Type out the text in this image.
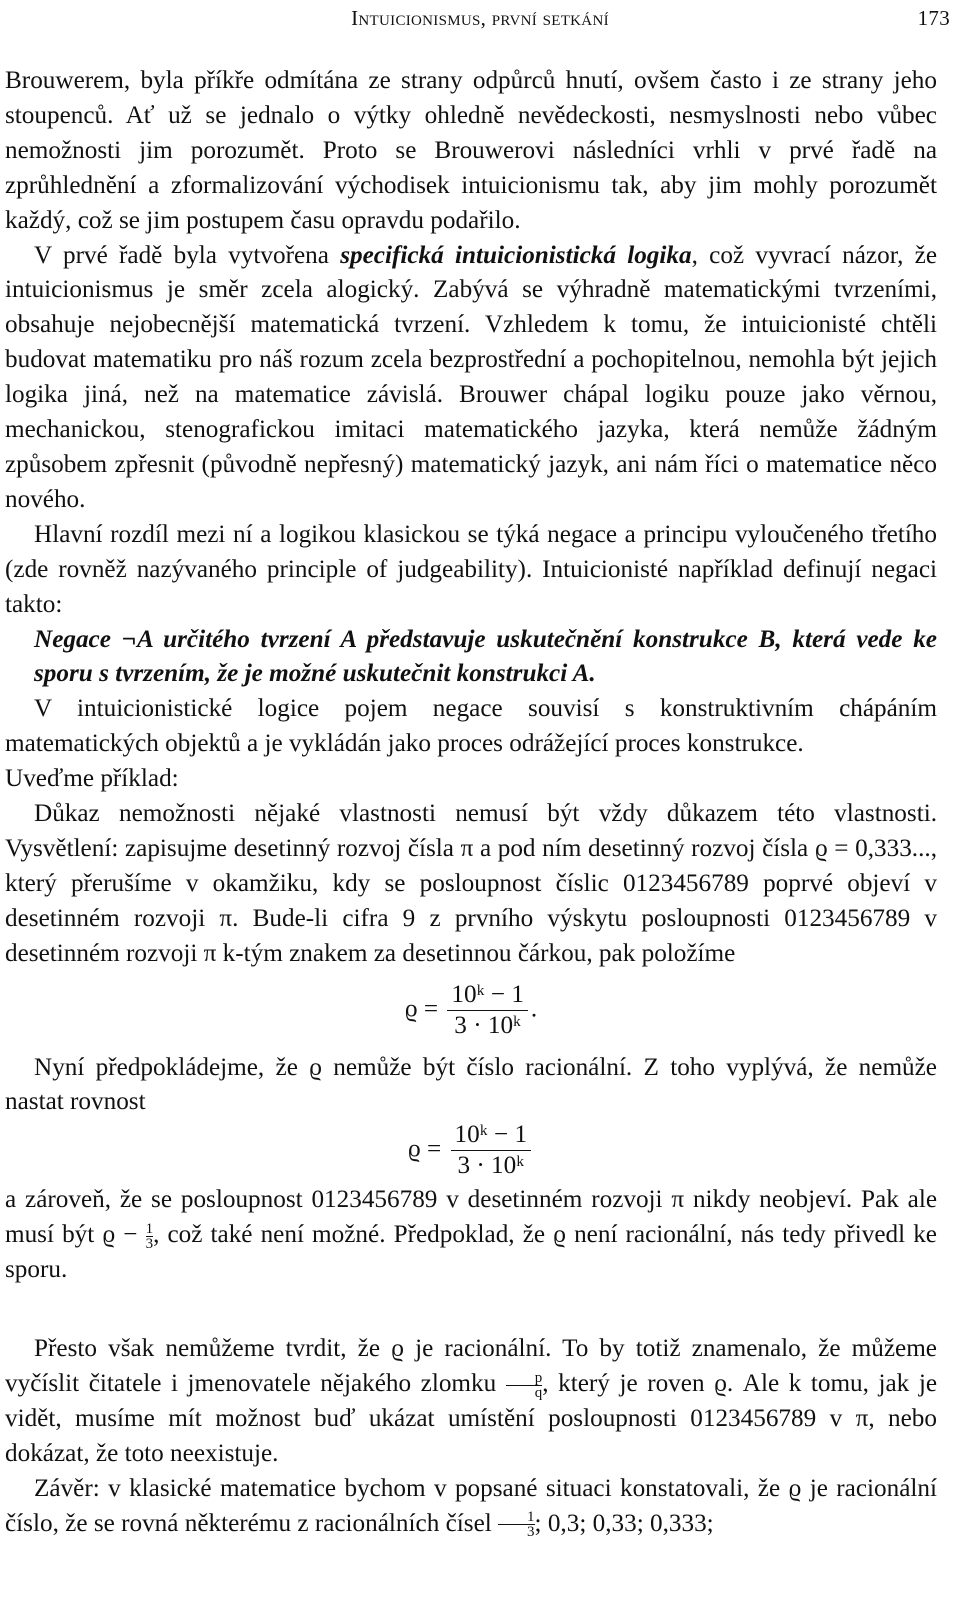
Intuicionismus, první setkání	173

Brouwerem, byla příkře odmítána ze strany odpůrců hnutí, ovšem často i ze strany jeho stoupenců. Ať už se jednalo o výtky ohledně nevědeckosti, nesmyslnosti nebo vůbec nemožnosti jim porozumět. Proto se Brouwerovi následníci vrhli v prvé řadě na zprůhlednění a zformalizování východisek intuicionismu tak, aby jim mohly porozumět každý, což se jim postupem času opravdu podařilo.

V prvé řadě byla vytvořena specifická intuicionistická logika, což vyvrací názor, že intuicionismus je směr zcela alogický. Zabývá se výhradně matematickými tvrzeními, obsahuje nejobecnější matematická tvrzení. Vzhledem k tomu, že intuicionisté chtěli budovat matematiku pro náš rozum zcela bezprostřední a pochopitelnou, nemohla být jejich logika jiná, než na matematice závislá. Brouwer chápal logiku pouze jako věrnou, mechanickou, stenografickou imitaci matematického jazyka, která nemůže žádným způsobem zpřesnit (původně nepřesný) matematický jazyk, ani nám říci o matematice něco nového.

Hlavní rozdíl mezi ní a logikou klasickou se týká negace a principu vyloučeného třetího (zde rovněž nazývaného principle of judgeability). Intuicionisté například definují negaci takto:

Negace ¬A určitého tvrzení A představuje uskutečnění konstrukce B, která vede ke sporu s tvrzením, že je možné uskutečnit konstrukci A.

V intuicionistické logice pojem negace souvisí s konstruktivním chápáním matematických objektů a je vykládán jako proces odrážející proces konstrukce.

Uveďme příklad:

Důkaz nemožnosti nějaké vlastnosti nemusí být vždy důkazem této vlastnosti. Vysvětlení: zapisujme desetinný rozvoj čísla π a pod ním desetinný rozvoj čísla ϱ = 0,333..., který přerušíme v okamžiku, kdy se posloupnost číslic 0123456789 poprvé objeví v desetinném rozvoji π. Bude-li cifra 9 z prvního výskytu posloupnosti 0123456789 v desetinném rozvoji π k-tým znakem za desetinnou čárkou, pak položíme

$ϱ = \frac{\text{10ᵏ − 1}}{\text{3 · 10ᵏ}}$ .

Nyní předpokládejme, že ϱ nemůže být číslo racionální. Z toho vyplývá, že nemůže nastat rovnost

$ϱ = \frac{\text{10ᵏ − 1}}{\text{3 · 10ᵏ}}$

a zároveň, že se posloupnost 0123456789 v desetinném rozvoji π nikdy neobjeví. Pak ale musí být $ϱ - \frac{1}{3}$ , což také není možné. Předpoklad, že ϱ není racionální, nás tedy přivedl ke sporu.

Přesto však nemůžeme tvrdit, že ϱ je racionální. To by totiž znamenalo, že můžeme vyčíslit čitatele i jmenovatele nějakého zlomku $\frac{p}{q}$ , který je roven ϱ. Ale k tomu, jak je vidět, musíme mít možnost buď ukázat umístění posloupnosti 0123456789 v π, nebo dokázat, že toto neexistuje.

Závěr: v klasické matematice bychom v popsané situaci konstatovali, že ϱ je racionální číslo, že se rovná některému z racionálních čísel $\frac{1}{3}$ ; 0,3; 0,33; 0,333;
